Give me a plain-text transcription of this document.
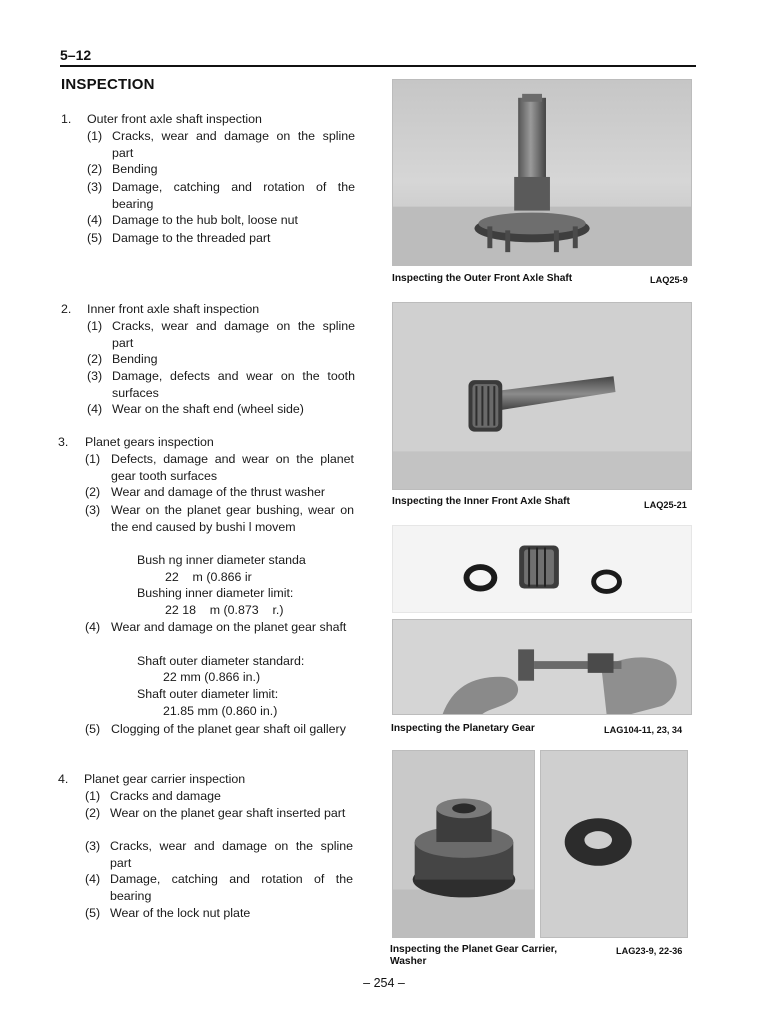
5–12
INSPECTION
1. Outer front axle shaft inspection
(1) Cracks, wear and damage on the spline part
(2) Bending
(3) Damage, catching and rotation of the bearing
(4) Damage to the hub bolt, loose nut
(5) Damage to the threaded part
2. Inner front axle shaft inspection
(1) Cracks, wear and damage on the spline part
(2) Bending
(3) Damage, defects and wear on the tooth surfaces
(4) Wear on the shaft end (wheel side)
3. Planet gears inspection
(1) Defects, damage and wear on the planet gear tooth surfaces
(2) Wear and damage of the thrust washer
(3) Wear on the planet gear bushing, wear on the end caused by bushi l movem
Bush ng inner diameter standa
22    m (0.866 ir
Bushing inner diameter limit:
22 18    m (0.873    r.)
(4) Wear and damage on the planet gear shaft
Shaft outer diameter standard:
22 mm (0.866 in.)
Shaft outer diameter limit:
21.85 mm (0.860 in.)
(5) Clogging of the planet gear shaft oil gallery
4. Planet gear carrier inspection
(1) Cracks and damage
(2) Wear on the planet gear shaft inserted part
(3) Cracks, wear and damage on the spline part
(4) Damage, catching and rotation of the bearing
(5) Wear of the lock nut plate
Inspecting the Outer Front Axle Shaft	LAQ25-9
Inspecting the Inner Front Axle Shaft	LAQ25-21
Inspecting the Planetary Gear	LAG104-11, 23, 34
Inspecting the Planet Gear Carrier, Washer
LAG23-9, 22-36
– 254 –
